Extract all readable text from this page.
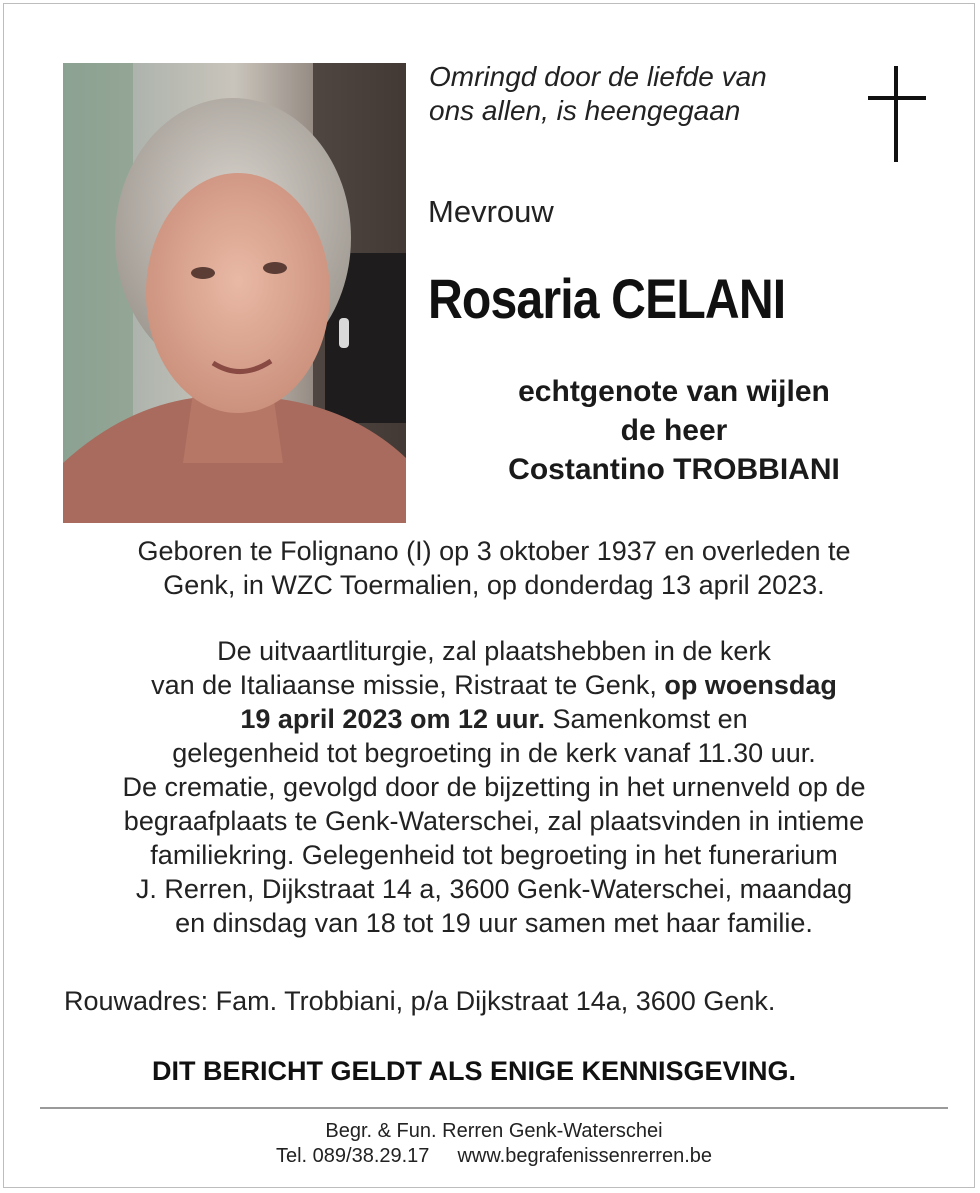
Omringd door de liefde van
ons allen, is heengegaan
Mevrouw
Rosaria CELANI
echtgenote van wijlen
de heer
Costantino TROBBIANI
Geboren te Folignano (I) op 3 oktober 1937 en overleden te
Genk, in WZC Toermalien, op donderdag 13 april 2023.
De uitvaartliturgie, zal plaatshebben in de kerk
van de Italiaanse missie, Ristraat te Genk, op woensdag
19 april 2023 om 12 uur. Samenkomst en
gelegenheid tot begroeting in de kerk vanaf 11.30 uur.
De crematie, gevolgd door de bijzetting in het urnenveld op de
begraafplaats te Genk-Waterschei, zal plaatsvinden in intieme
familiekring. Gelegenheid tot begroeting in het funerarium
J. Rerren, Dijkstraat 14 a, 3600 Genk-Waterschei, maandag
en dinsdag van 18 tot 19 uur samen met haar familie.
Rouwadres: Fam. Trobbiani, p/a Dijkstraat 14a, 3600 Genk.
DIT BERICHT GELDT ALS ENIGE KENNISGEVING.
Begr. & Fun. Rerren Genk-Waterschei
Tel. 089/38.29.17 www.begrafenissenrerren.be
